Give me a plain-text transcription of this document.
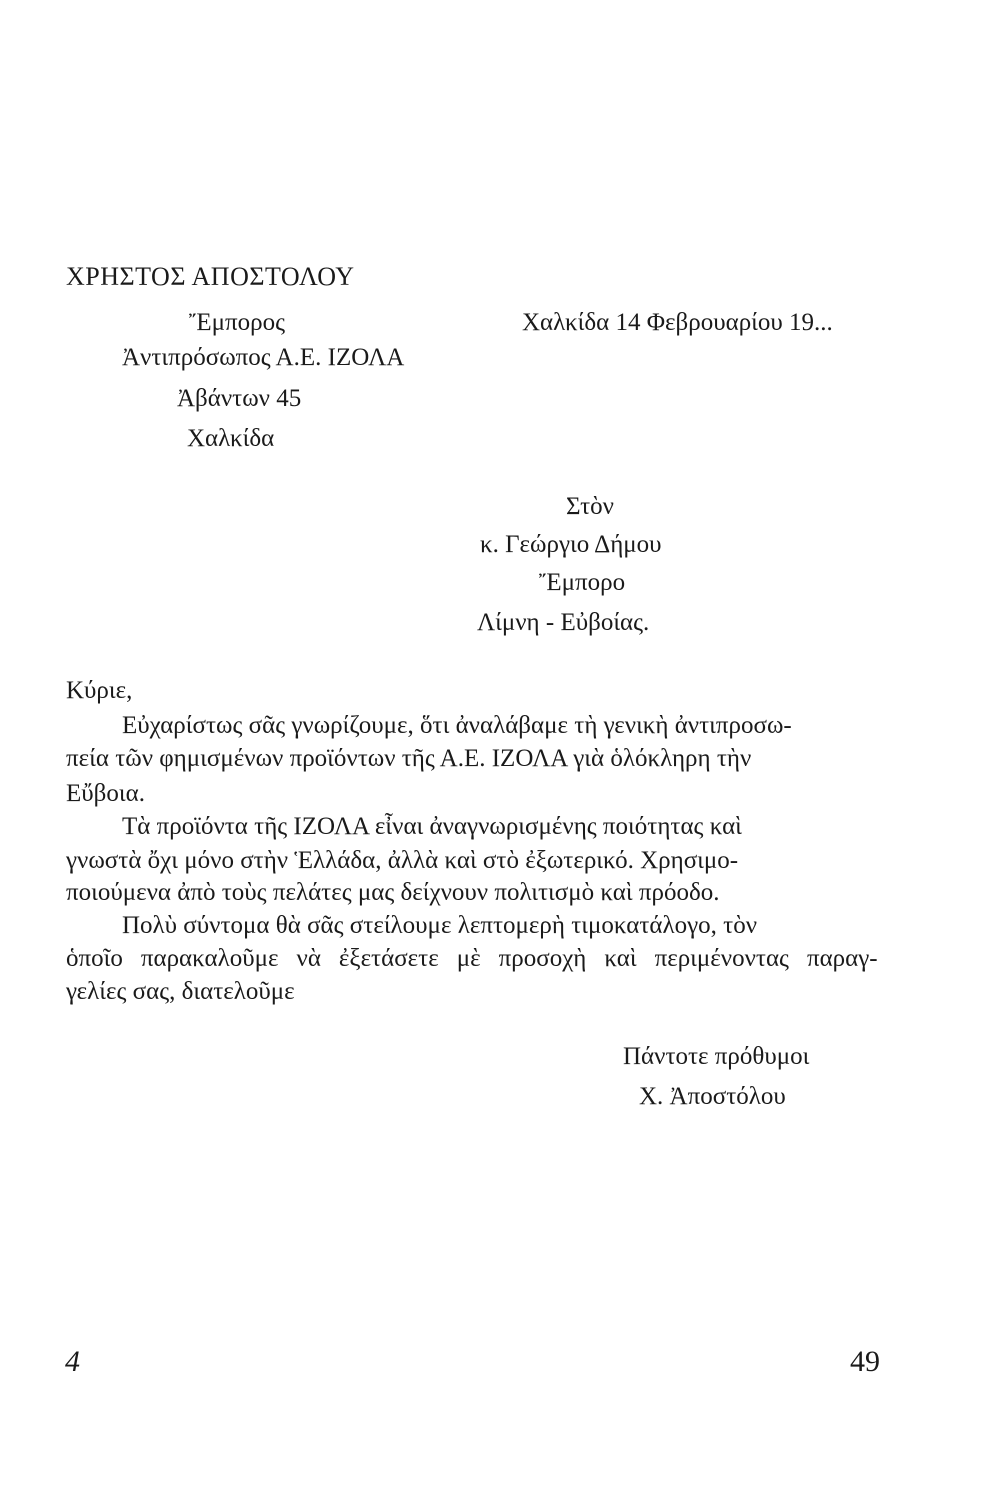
ΧΡΗΣΤΟΣ ΑΠΟΣΤΟΛΟΥ
Ἔμπορος
Ἀντιπρόσωπος Α.Ε. ΙΖΟΛΑ
Ἀβάντων 45
Χαλκίδα
Χαλκίδα 14 Φεβρουαρίου 19...
Στὸν
κ. Γεώργιο Δήμου
Ἔμπορο
Λίμνη - Εὐβοίας.
Κύριε,
Εὐχαρίστως σᾶς γνωρίζουμε, ὅτι ἀναλάβαμε τὴ γενικὴ ἀντιπροσω-
πεία τῶν φημισμένων προϊόντων τῆς Α.Ε. ΙΖΟΛΑ γιὰ ὁλόκληρη τὴν
Εὔβοια.
Τὰ προϊόντα τῆς ΙΖΟΛΑ εἶναι ἀναγνωρισμένης ποιότητας καὶ
γνωστὰ ὄχι μόνο στὴν Ἑλλάδα, ἀλλὰ καὶ στὸ ἐξωτερικό. Χρησιμο-
ποιούμενα ἀπὸ τοὺς πελάτες μας δείχνουν πολιτισμὸ καὶ πρόοδο.
Πολὺ σύντομα θὰ σᾶς στείλουμε λεπτομερὴ τιμοκατάλογο, τὸν
ὁποῖο παρακαλοῦμε νὰ ἐξετάσετε μὲ προσοχὴ καὶ περιμένοντας παραγ-
γελίες σας, διατελοῦμε
Πάντοτε πρόθυμοι
Χ. Ἀποστόλου
4	49
